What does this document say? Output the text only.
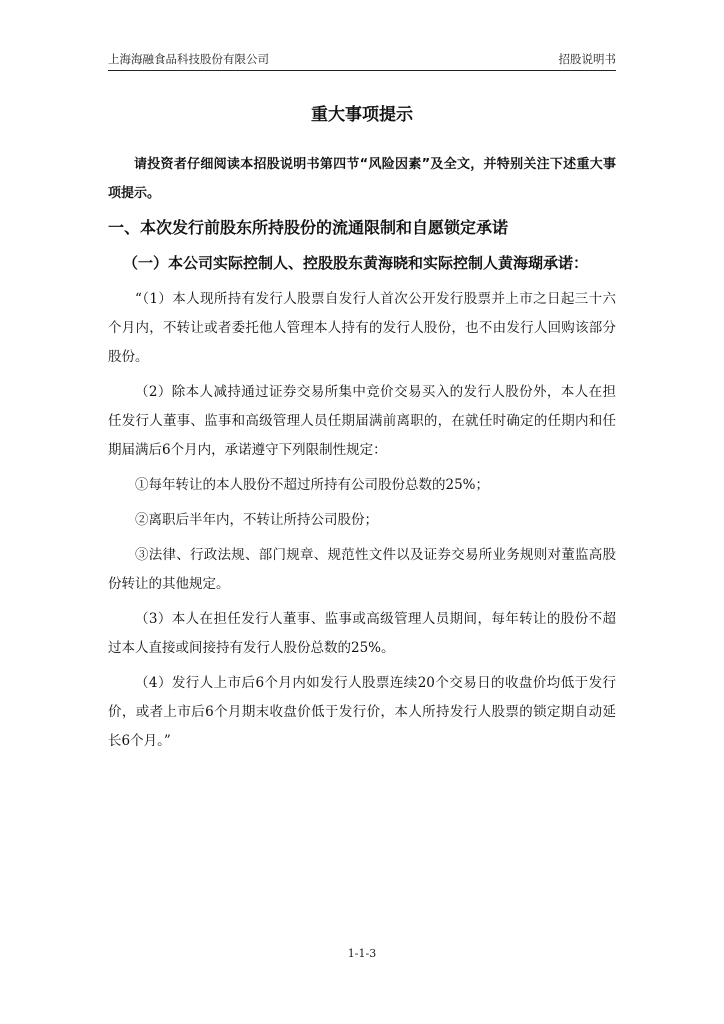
上海海融食品科技股份有限公司	招股说明书
重大事项提示

请投资者仔细阅读本招股说明书第四节“风险因素”及全文，并特别关注下述重大事项提示。

一、本次发行前股东所持股份的流通限制和自愿锁定承诺

（一）本公司实际控制人、控股股东黄海晓和实际控制人黄海瑚承诺：

“（1）本人现所持有发行人股票自发行人首次公开发行股票并上市之日起三十六个月内，不转让或者委托他人管理本人持有的发行人股份，也不由发行人回购该部分股份。

（2）除本人减持通过证券交易所集中竞价交易买入的发行人股份外，本人在担任发行人董事、监事和高级管理人员任期届满前离职的，在就任时确定的任期内和任期届满后6个月内，承诺遵守下列限制性规定：

①每年转让的本人股份不超过所持有公司股份总数的25%；

②离职后半年内，不转让所持公司股份；

③法律、行政法规、部门规章、规范性文件以及证券交易所业务规则对董监高股份转让的其他规定。

（3）本人在担任发行人董事、监事或高级管理人员期间，每年转让的股份不超过本人直接或间接持有发行人股份总数的25%。

（4）发行人上市后6个月内如发行人股票连续20个交易日的收盘价均低于发行价，或者上市后6个月期末收盘价低于发行价，本人所持发行人股票的锁定期自动延长6个月。”

1-1-3
